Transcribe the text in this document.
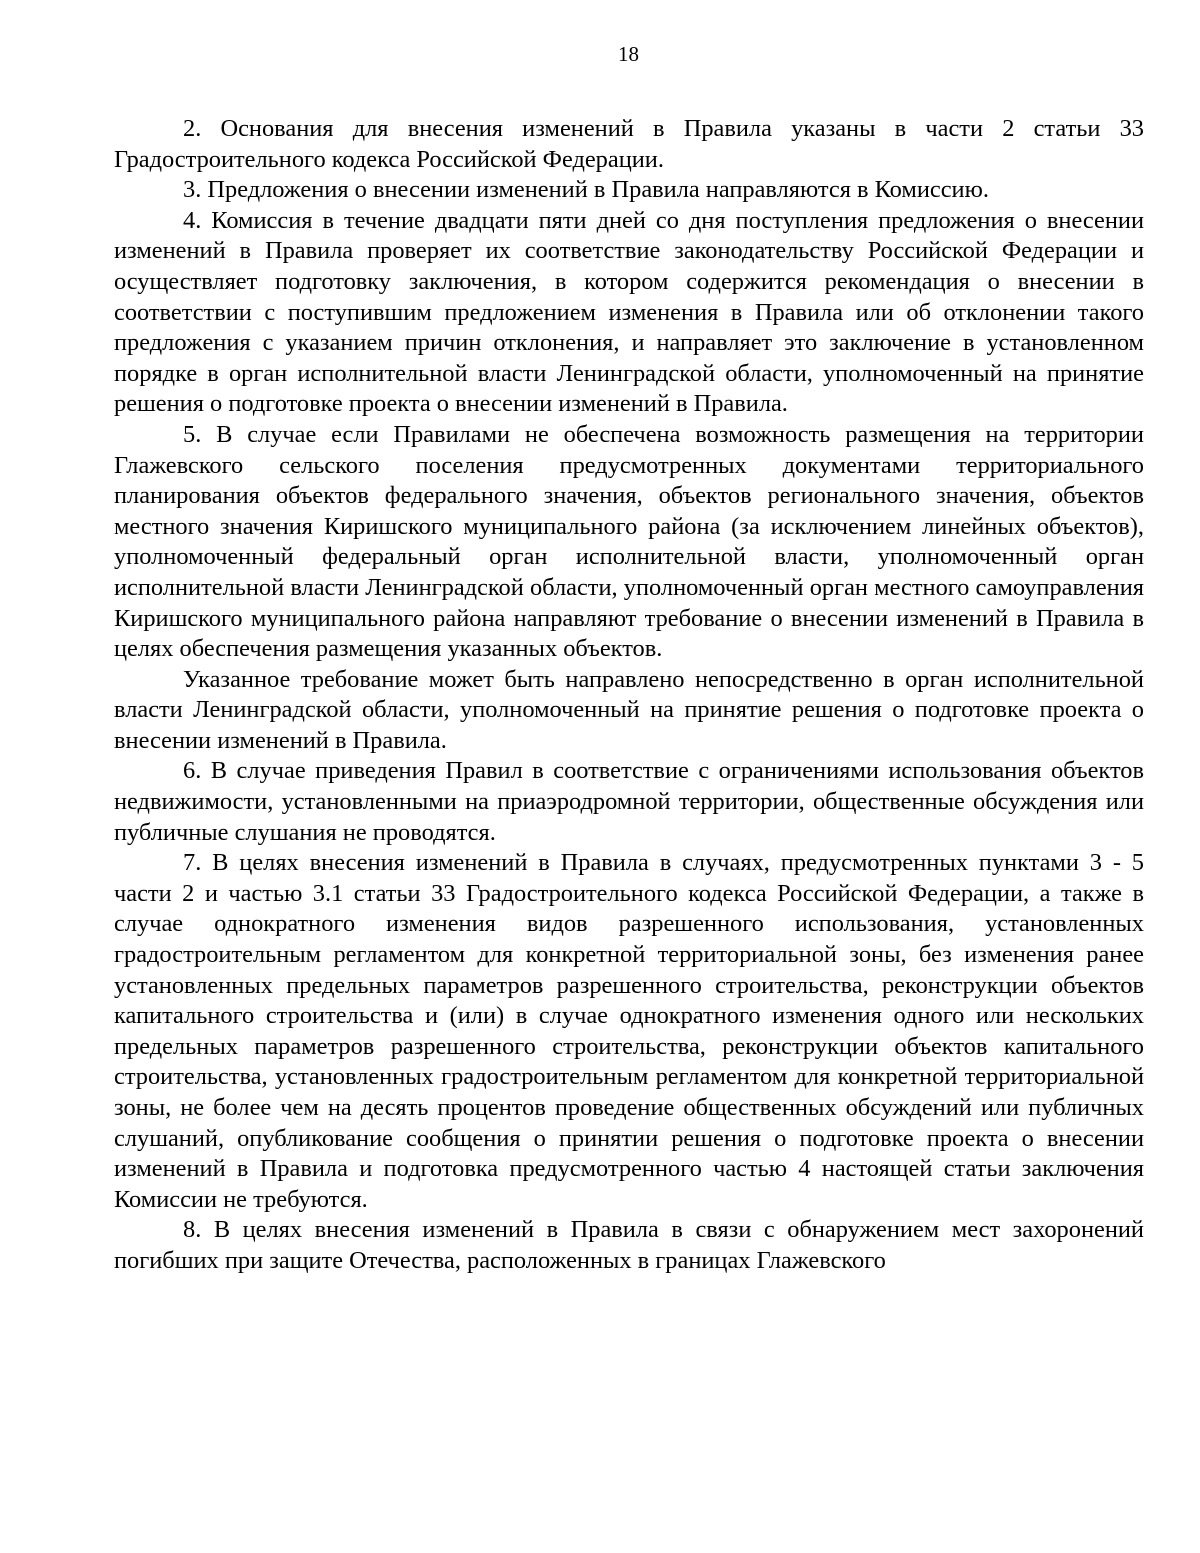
18

2. Основания для внесения изменений в Правила указаны в части 2 статьи 33 Градостроительного кодекса Российской Федерации.

3. Предложения о внесении изменений в Правила направляются в Комиссию.

4. Комиссия в течение двадцати пяти дней со дня поступления предложения о внесении изменений в Правила проверяет их соответствие законодательству Российской Федерации и осуществляет подготовку заключения, в котором содержится рекомендация о внесении в соответствии с поступившим предложением изменения в Правила или об отклонении такого предложения с указанием причин отклонения, и направляет это заключение в установленном порядке в орган исполнительной власти Ленинградской области, уполномоченный на принятие решения о подготовке проекта о внесении изменений в Правила.

5. В случае если Правилами не обеспечена возможность размещения на территории Глажевского сельского поселения предусмотренных документами территориального планирования объектов федерального значения, объектов регионального значения, объектов местного значения Киришского муниципального района (за исключением линейных объектов), уполномоченный федеральный орган исполнительной власти, уполномоченный орган исполнительной власти Ленинградской области, уполномоченный орган местного самоуправления Киришского муниципального района направляют требование о внесении изменений в Правила в целях обеспечения размещения указанных объектов.

Указанное требование может быть направлено непосредственно в орган исполнительной власти Ленинградской области, уполномоченный на принятие решения о подготовке проекта о внесении изменений в Правила.

6. В случае приведения Правил в соответствие с ограничениями использования объектов недвижимости, установленными на приаэродромной территории, общественные обсуждения или публичные слушания не проводятся.

7. В целях внесения изменений в Правила в случаях, предусмотренных пунктами 3 - 5 части 2 и частью 3.1 статьи 33 Градостроительного кодекса Российской Федерации, а также в случае однократного изменения видов разрешенного использования, установленных градостроительным регламентом для конкретной территориальной зоны, без изменения ранее установленных предельных параметров разрешенного строительства, реконструкции объектов капитального строительства и (или) в случае однократного изменения одного или нескольких предельных параметров разрешенного строительства, реконструкции объектов капитального строительства, установленных градостроительным регламентом для конкретной территориальной зоны, не более чем на десять процентов проведение общественных обсуждений или публичных слушаний, опубликование сообщения о принятии решения о подготовке проекта о внесении изменений в Правила и подготовка предусмотренного частью 4 настоящей статьи заключения Комиссии не требуются.

8. В целях внесения изменений в Правила в связи с обнаружением мест захоронений погибших при защите Отечества, расположенных в границах Глажевского
